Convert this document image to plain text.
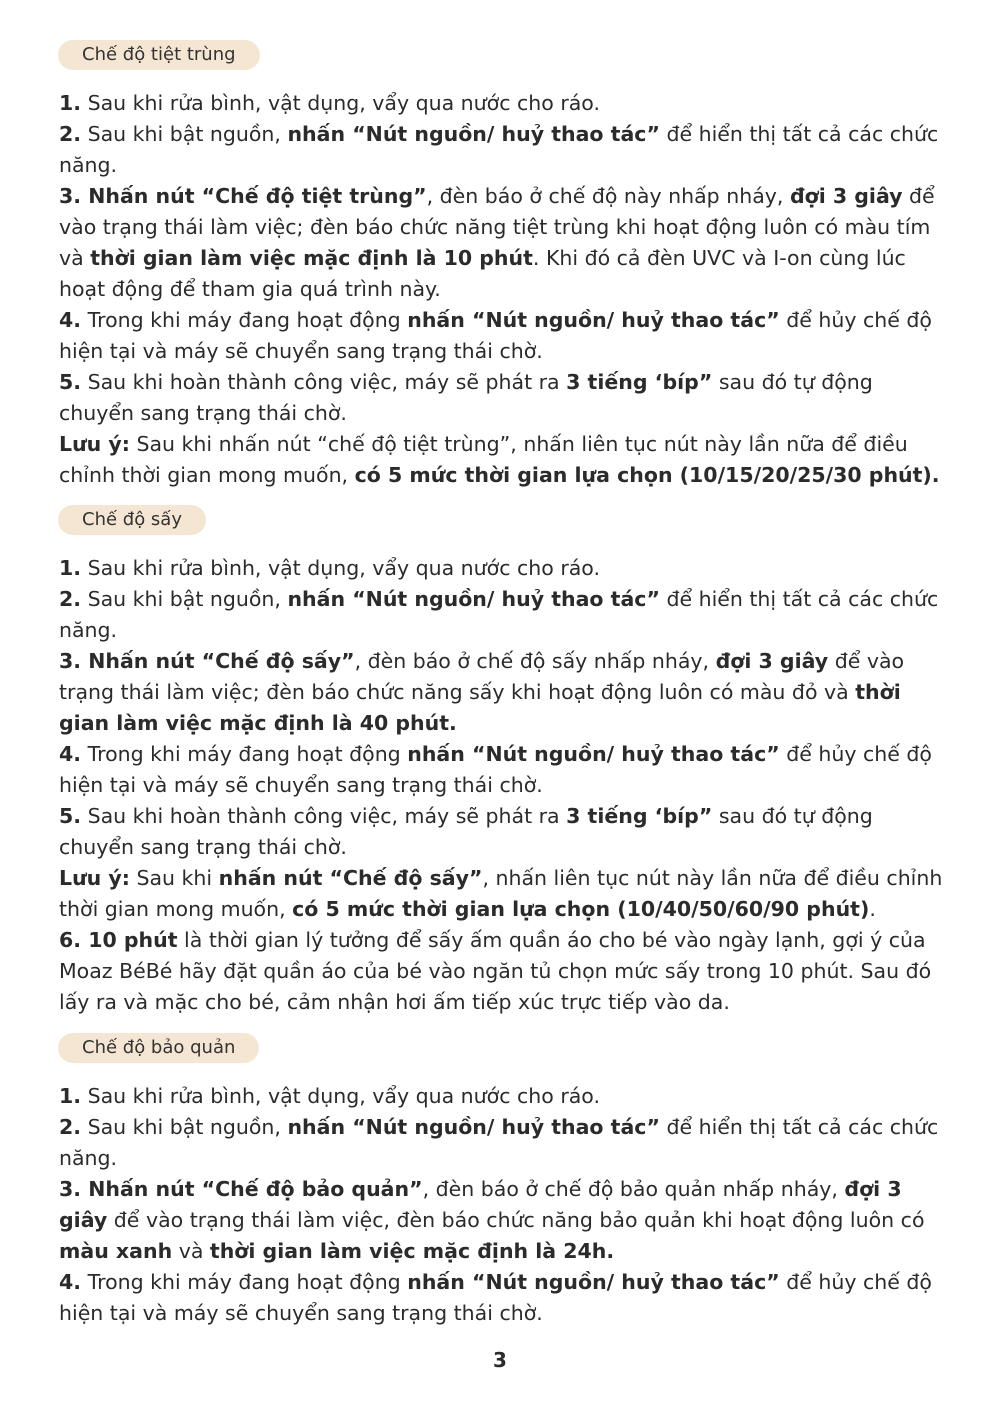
Chế độ tiệt trùng

1. Sau khi rửa bình, vật dụng, vẩy qua nước cho ráo.

2. Sau khi bật nguồn, nhấn “Nút nguồn/ huỷ thao tác” để hiển thị tất cả các chức năng.

3. Nhấn nút “Chế độ tiệt trùng”, đèn báo ở chế độ này nhấp nháy, đợi 3 giây để vào trạng thái làm việc; đèn báo chức năng tiệt trùng khi hoạt động luôn có màu tím và thời gian làm việc mặc định là 10 phút. Khi đó cả đèn UVC và I-on cùng lúc hoạt động để tham gia quá trình này.

4. Trong khi máy đang hoạt động nhấn “Nút nguồn/ huỷ thao tác” để hủy chế độ hiện tại và máy sẽ chuyển sang trạng thái chờ.

5. Sau khi hoàn thành công việc, máy sẽ phát ra 3 tiếng ‘bíp” sau đó tự động chuyển sang trạng thái chờ.

Lưu ý: Sau khi nhấn nút “chế độ tiệt trùng”, nhấn liên tục nút này lần nữa để điều chỉnh thời gian mong muốn, có 5 mức thời gian lựa chọn (10/15/20/25/30 phút).

Chế độ sấy

1. Sau khi rửa bình, vật dụng, vẩy qua nước cho ráo.

2. Sau khi bật nguồn, nhấn “Nút nguồn/ huỷ thao tác” để hiển thị tất cả các chức năng.

3. Nhấn nút “Chế độ sấy”, đèn báo ở chế độ sấy nhấp nháy, đợi 3 giây để vào trạng thái làm việc; đèn báo chức năng sấy khi hoạt động luôn có màu đỏ và thời gian làm việc mặc định là 40 phút.

4. Trong khi máy đang hoạt động nhấn “Nút nguồn/ huỷ thao tác” để hủy chế độ hiện tại và máy sẽ chuyển sang trạng thái chờ.

5. Sau khi hoàn thành công việc, máy sẽ phát ra 3 tiếng ‘bíp” sau đó tự động chuyển sang trạng thái chờ.

Lưu ý: Sau khi nhấn nút “Chế độ sấy”, nhấn liên tục nút này lần nữa để điều chỉnh thời gian mong muốn, có 5 mức thời gian lựa chọn (10/40/50/60/90 phút).

6. 10 phút là thời gian lý tưởng để sấy ấm quần áo cho bé vào ngày lạnh, gợi ý của Moaz BéBé hãy đặt quần áo của bé vào ngăn tủ chọn mức sấy trong 10 phút. Sau đó lấy ra và mặc cho bé, cảm nhận hơi ấm tiếp xúc trực tiếp vào da.

Chế độ bảo quản

1. Sau khi rửa bình, vật dụng, vẩy qua nước cho ráo.

2. Sau khi bật nguồn, nhấn “Nút nguồn/ huỷ thao tác” để hiển thị tất cả các chức năng.

3. Nhấn nút “Chế độ bảo quản”, đèn báo ở chế độ bảo quản nhấp nháy, đợi 3 giây để vào trạng thái làm việc, đèn báo chức năng bảo quản khi hoạt động luôn có màu xanh và thời gian làm việc mặc định là 24h.

4. Trong khi máy đang hoạt động nhấn “Nút nguồn/ huỷ thao tác” để hủy chế độ hiện tại và máy sẽ chuyển sang trạng thái chờ.

3
